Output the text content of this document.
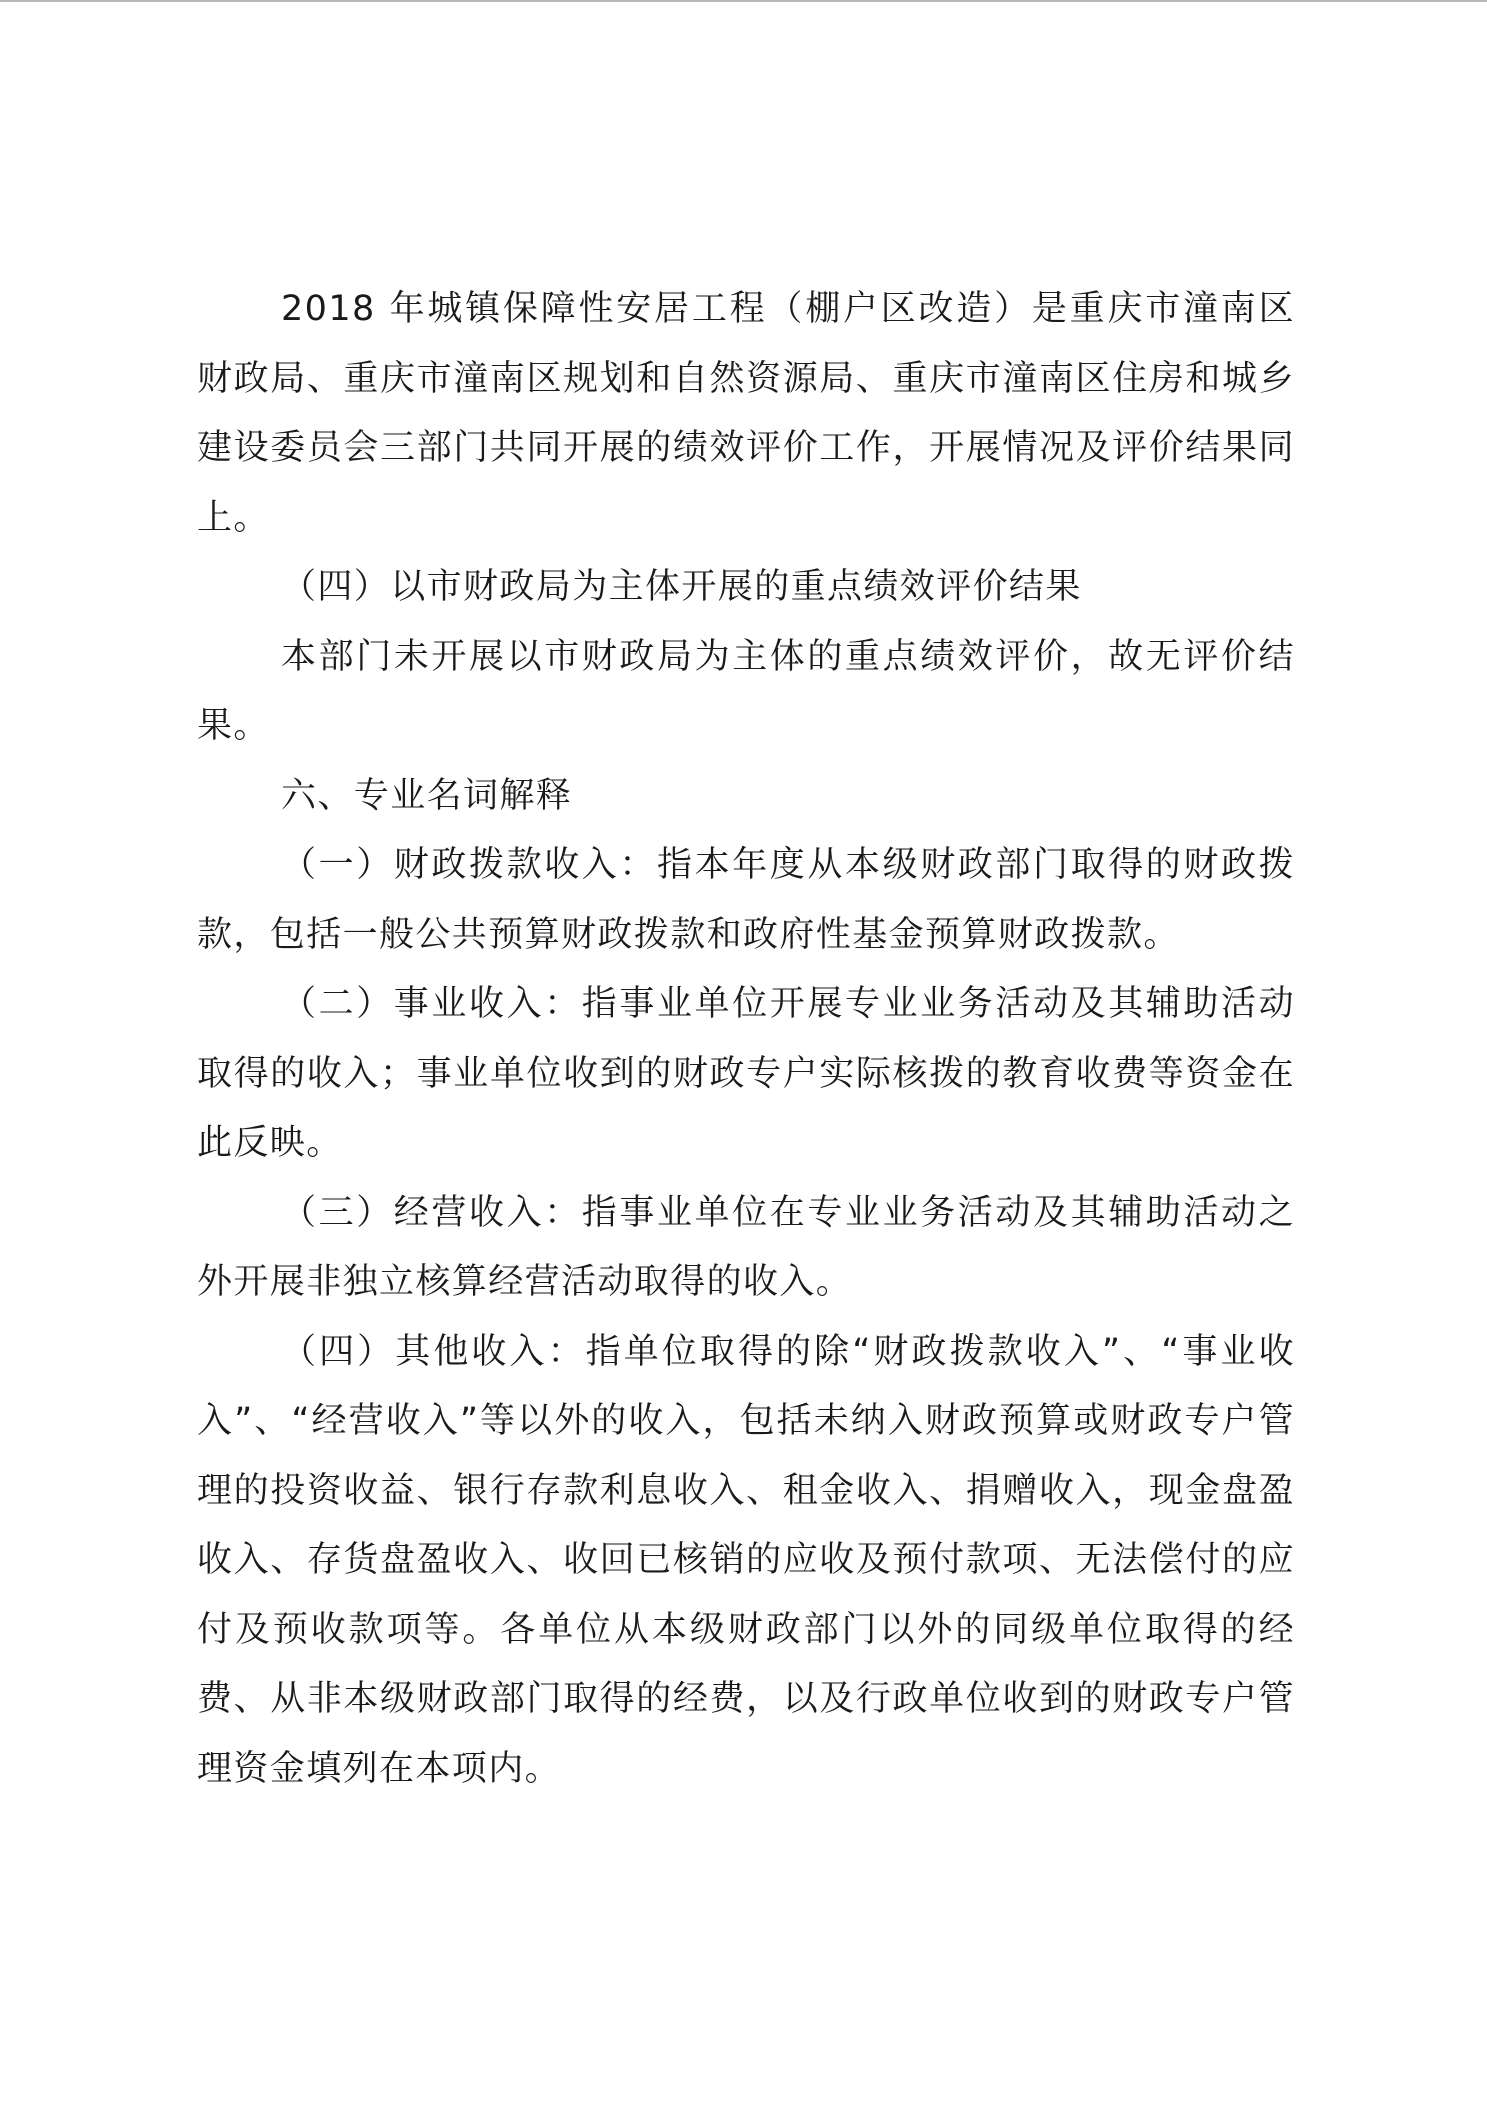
2018 年城镇保障性安居工程（棚户区改造）是重庆市潼南区财政局、重庆市潼南区规划和自然资源局、重庆市潼南区住房和城乡建设委员会三部门共同开展的绩效评价工作，开展情况及评价结果同上。

（四）以市财政局为主体开展的重点绩效评价结果

本部门未开展以市财政局为主体的重点绩效评价，故无评价结果。

六、专业名词解释

（一）财政拨款收入：指本年度从本级财政部门取得的财政拨款，包括一般公共预算财政拨款和政府性基金预算财政拨款。

（二）事业收入：指事业单位开展专业业务活动及其辅助活动取得的收入；事业单位收到的财政专户实际核拨的教育收费等资金在此反映。

（三）经营收入：指事业单位在专业业务活动及其辅助活动之外开展非独立核算经营活动取得的收入。

（四）其他收入：指单位取得的除“财政拨款收入”、“事业收入”、“经营收入”等以外的收入，包括未纳入财政预算或财政专户管理的投资收益、银行存款利息收入、租金收入、捐赠收入，现金盘盈收入、存货盘盈收入、收回已核销的应收及预付款项、无法偿付的应付及预收款项等。各单位从本级财政部门以外的同级单位取得的经费、从非本级财政部门取得的经费，以及行政单位收到的财政专户管理资金填列在本项内。
